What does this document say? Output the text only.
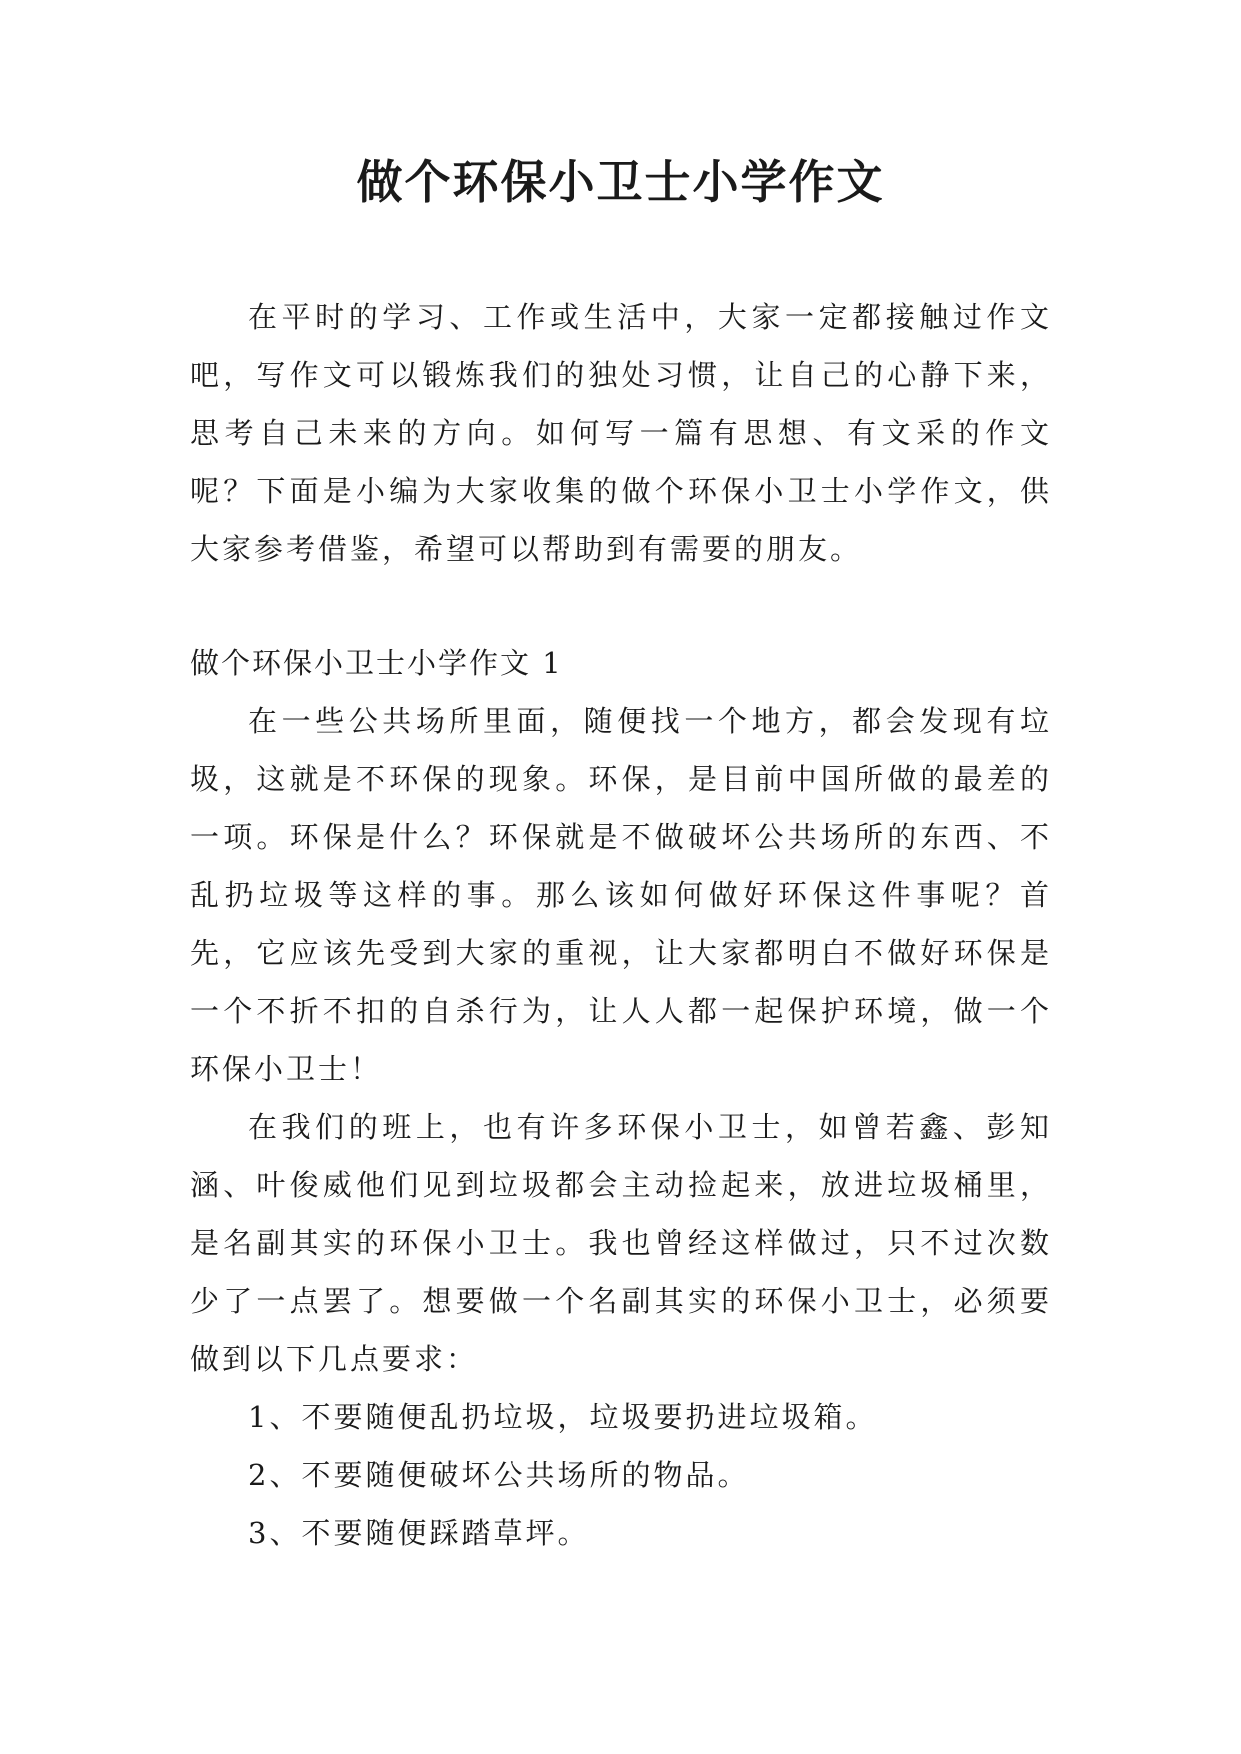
做个环保小卫士小学作文

在平时的学习、工作或生活中，大家一定都接触过作文吧，写作文可以锻炼我们的独处习惯，让自己的心静下来，思考自己未来的方向。如何写一篇有思想、有文采的作文呢？下面是小编为大家收集的做个环保小卫士小学作文，供大家参考借鉴，希望可以帮助到有需要的朋友。

做个环保小卫士小学作文 1

在一些公共场所里面，随便找一个地方，都会发现有垃圾，这就是不环保的现象。环保，是目前中国所做的最差的一项。环保是什么？环保就是不做破坏公共场所的东西、不乱扔垃圾等这样的事。那么该如何做好环保这件事呢？首先，它应该先受到大家的重视，让大家都明白不做好环保是一个不折不扣的自杀行为，让人人都一起保护环境，做一个环保小卫士！

在我们的班上，也有许多环保小卫士，如曾若鑫、彭知涵、叶俊威他们见到垃圾都会主动捡起来，放进垃圾桶里，是名副其实的环保小卫士。我也曾经这样做过，只不过次数少了一点罢了。想要做一个名副其实的环保小卫士，必须要做到以下几点要求：

1、不要随便乱扔垃圾，垃圾要扔进垃圾箱。

2、不要随便破坏公共场所的物品。

3、不要随便踩踏草坪。
